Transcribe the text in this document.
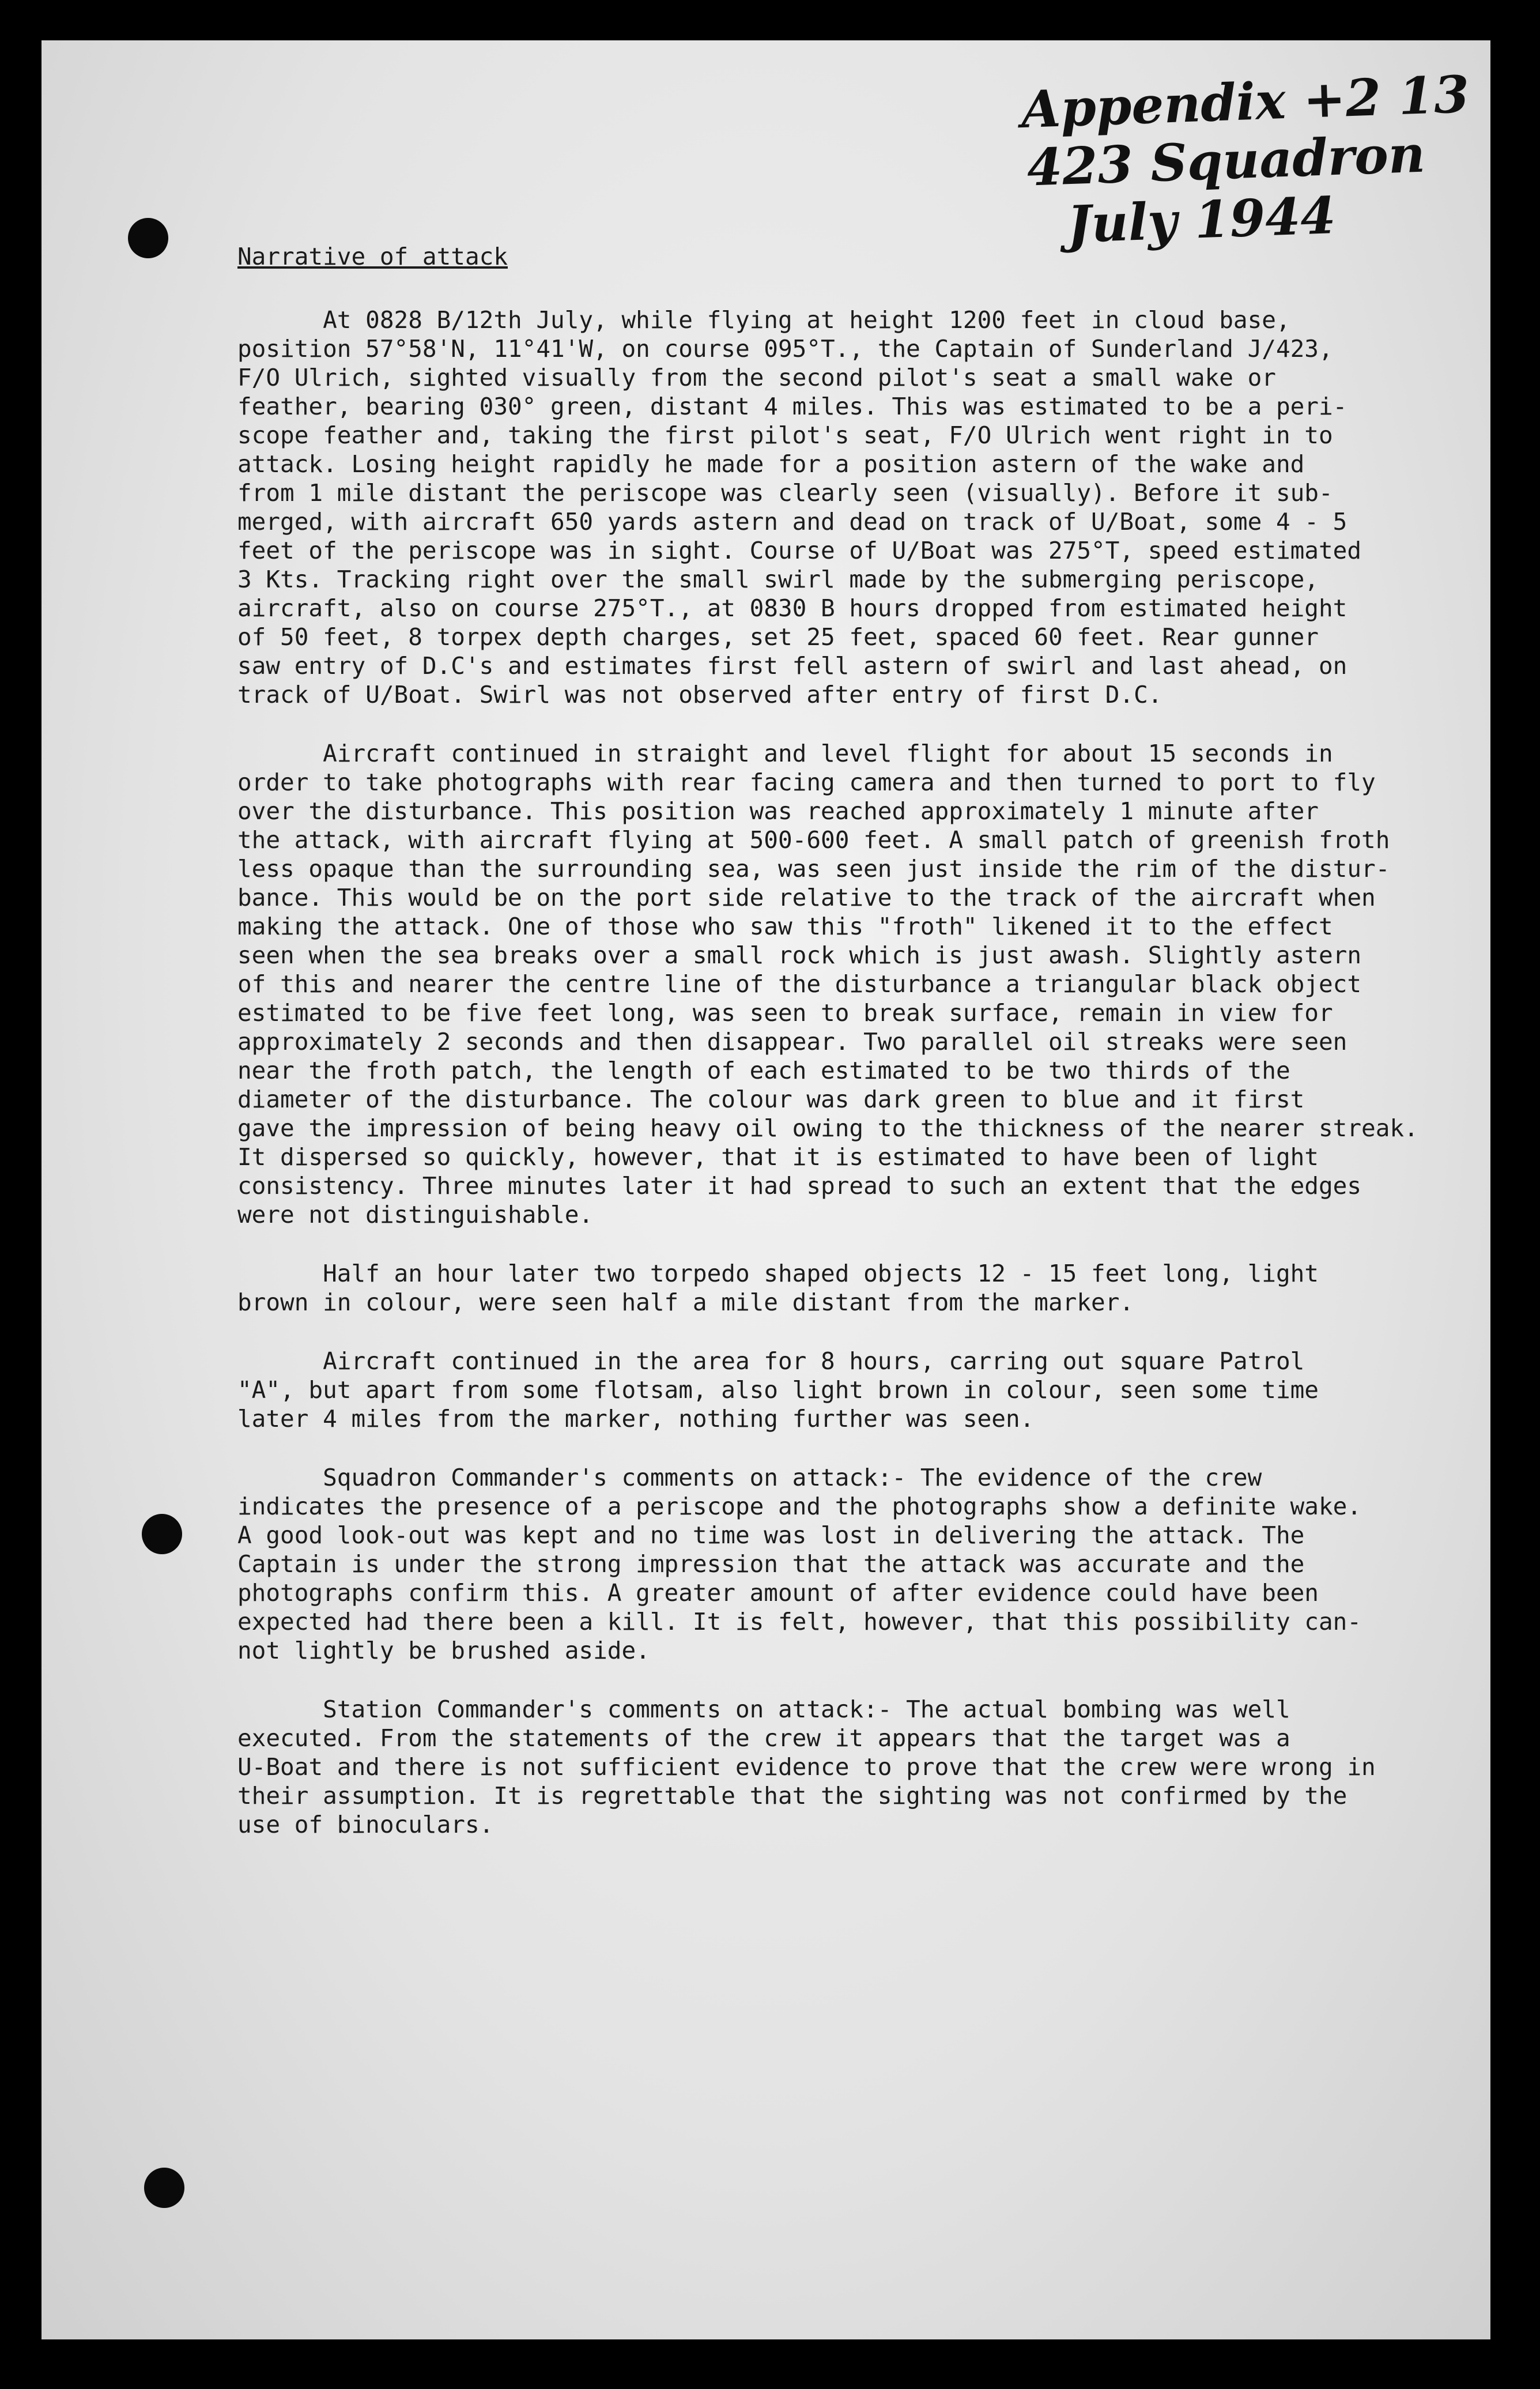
Appendix +2 13
423 Squadron
July 1944
Narrative of attack

At 0828 B/12th July, while flying at height 1200 feet in cloud base,
position 57°58'N, 11°41'W, on course 095°T., the Captain of Sunderland J/423,
F/O Ulrich, sighted visually from the second pilot's seat a small wake or
feather, bearing 030° green, distant 4 miles. This was estimated to be a peri-
scope feather and, taking the first pilot's seat, F/O Ulrich went right in to
attack. Losing height rapidly he made for a position astern of the wake and
from 1 mile distant the periscope was clearly seen (visually). Before it sub-
merged, with aircraft 650 yards astern and dead on track of U/Boat, some 4 - 5
feet of the periscope was in sight. Course of U/Boat was 275°T, speed estimated
3 Kts. Tracking right over the small swirl made by the submerging periscope,
aircraft, also on course 275°T., at 0830 B hours dropped from estimated height
of 50 feet, 8 torpex depth charges, set 25 feet, spaced 60 feet. Rear gunner
saw entry of D.C's and estimates first fell astern of swirl and last ahead, on
track of U/Boat. Swirl was not observed after entry of first D.C.

Aircraft continued in straight and level flight for about 15 seconds in
order to take photographs with rear facing camera and then turned to port to fly
over the disturbance. This position was reached approximately 1 minute after
the attack, with aircraft flying at 500-600 feet. A small patch of greenish froth
less opaque than the surrounding sea, was seen just inside the rim of the distur-
bance. This would be on the port side relative to the track of the aircraft when
making the attack. One of those who saw this "froth" likened it to the effect
seen when the sea breaks over a small rock which is just awash. Slightly astern
of this and nearer the centre line of the disturbance a triangular black object
estimated to be five feet long, was seen to break surface, remain in view for
approximately 2 seconds and then disappear. Two parallel oil streaks were seen
near the froth patch, the length of each estimated to be two thirds of the
diameter of the disturbance. The colour was dark green to blue and it first
gave the impression of being heavy oil owing to the thickness of the nearer streak.
It dispersed so quickly, however, that it is estimated to have been of light
consistency. Three minutes later it had spread to such an extent that the edges
were not distinguishable.

Half an hour later two torpedo shaped objects 12 - 15 feet long, light
brown in colour, were seen half a mile distant from the marker.

Aircraft continued in the area for 8 hours, carring out square Patrol
"A", but apart from some flotsam, also light brown in colour, seen some time
later 4 miles from the marker, nothing further was seen.

Squadron Commander's comments on attack:- The evidence of the crew
indicates the presence of a periscope and the photographs show a definite wake.
A good look-out was kept and no time was lost in delivering the attack. The
Captain is under the strong impression that the attack was accurate and the
photographs confirm this. A greater amount of after evidence could have been
expected had there been a kill. It is felt, however, that this possibility can-
not lightly be brushed aside.

Station Commander's comments on attack:- The actual bombing was well
executed. From the statements of the crew it appears that the target was a
U-Boat and there is not sufficient evidence to prove that the crew were wrong in
their assumption. It is regrettable that the sighting was not confirmed by the
use of binoculars.
